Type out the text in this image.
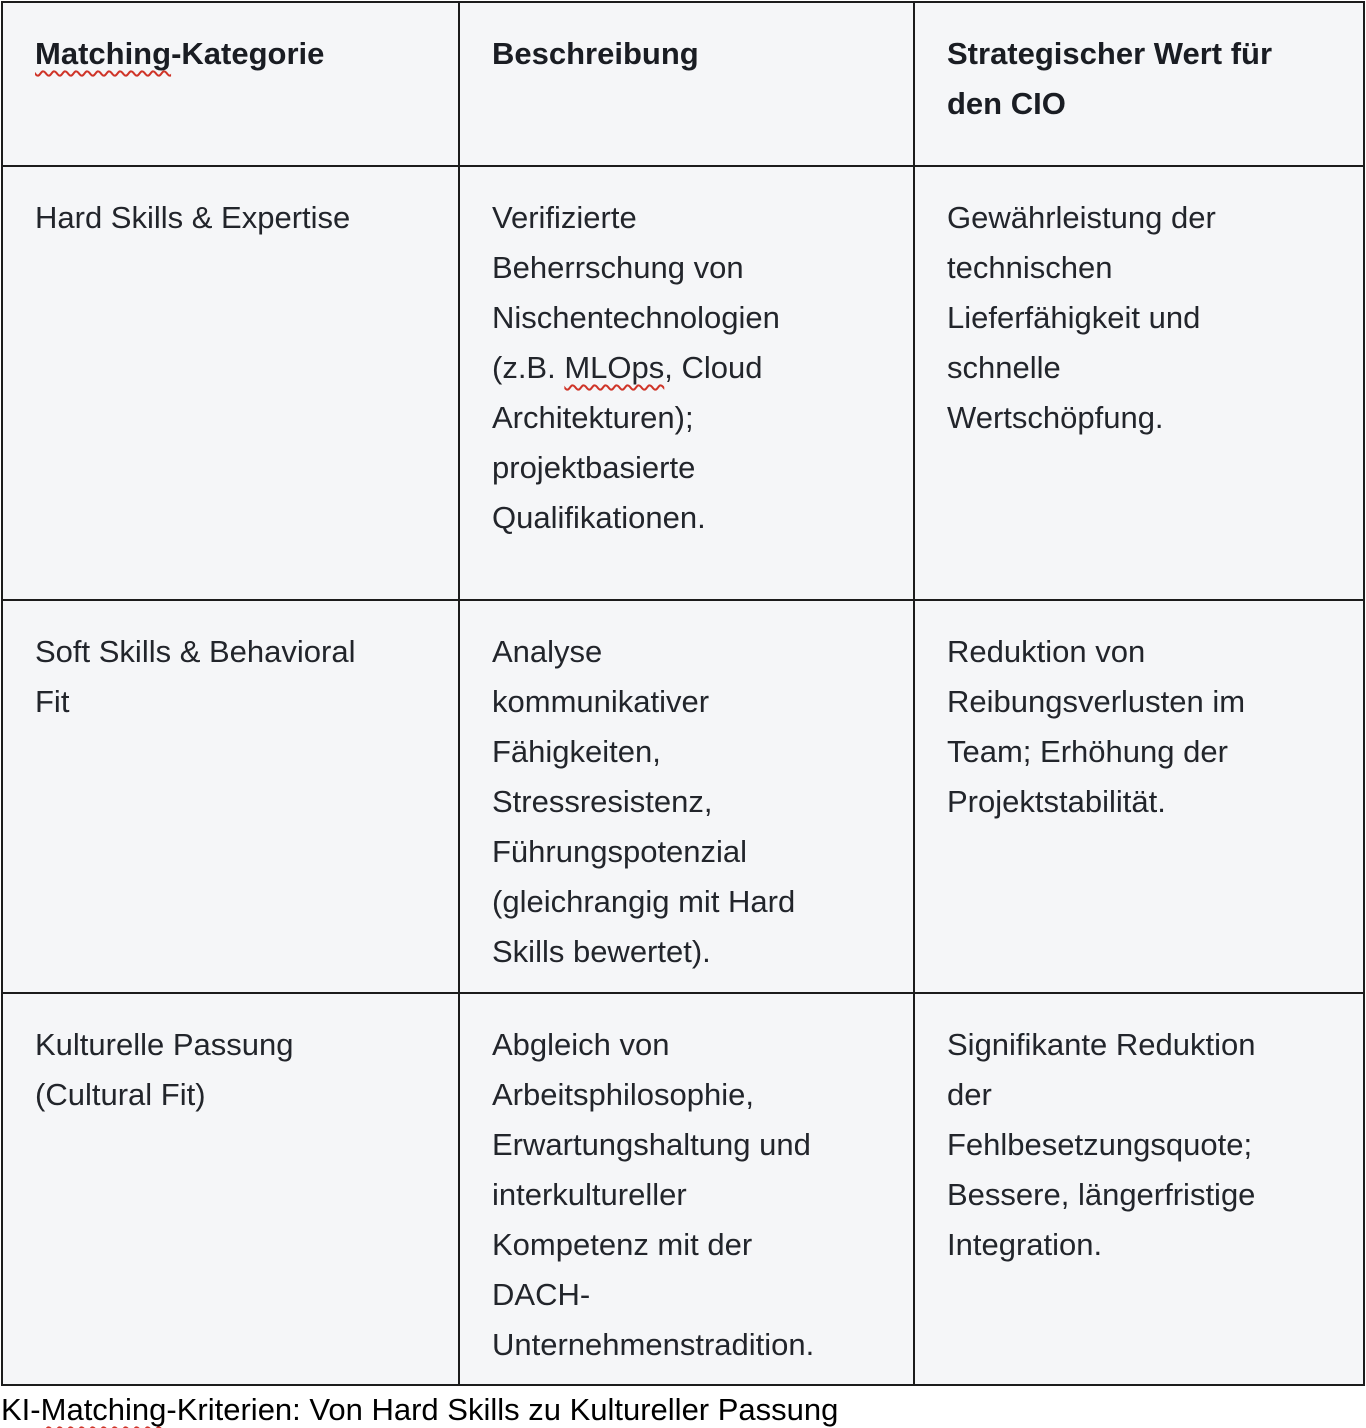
Matching-Kategorie	Beschreibung	Strategischer Wert für den CIO

Hard Skills & Expertise	Verifizierte Beherrschung von Nischentechnologien (z.B. MLOps, Cloud Architekturen); projektbasierte Qualifikationen.	Gewährleistung der technischen Lieferfähigkeit und schnelle Wertschöpfung.

Soft Skills & Behavioral Fit	Analyse kommunikativer Fähigkeiten, Stressresistenz, Führungspotenzial (gleichrangig mit Hard Skills bewertet).	Reduktion von Reibungsverlusten im Team; Erhöhung der Projektstabilität.

Kulturelle Passung (Cultural Fit)	Abgleich von Arbeitsphilosophie, Erwartungshaltung und interkultureller Kompetenz mit der DACH-Unternehmenstradition.	Signifikante Reduktion der Fehlbesetzungsquote; Bessere, längerfristige Integration.
KI-Matching-Kriterien: Von Hard Skills zu Kultureller Passung
